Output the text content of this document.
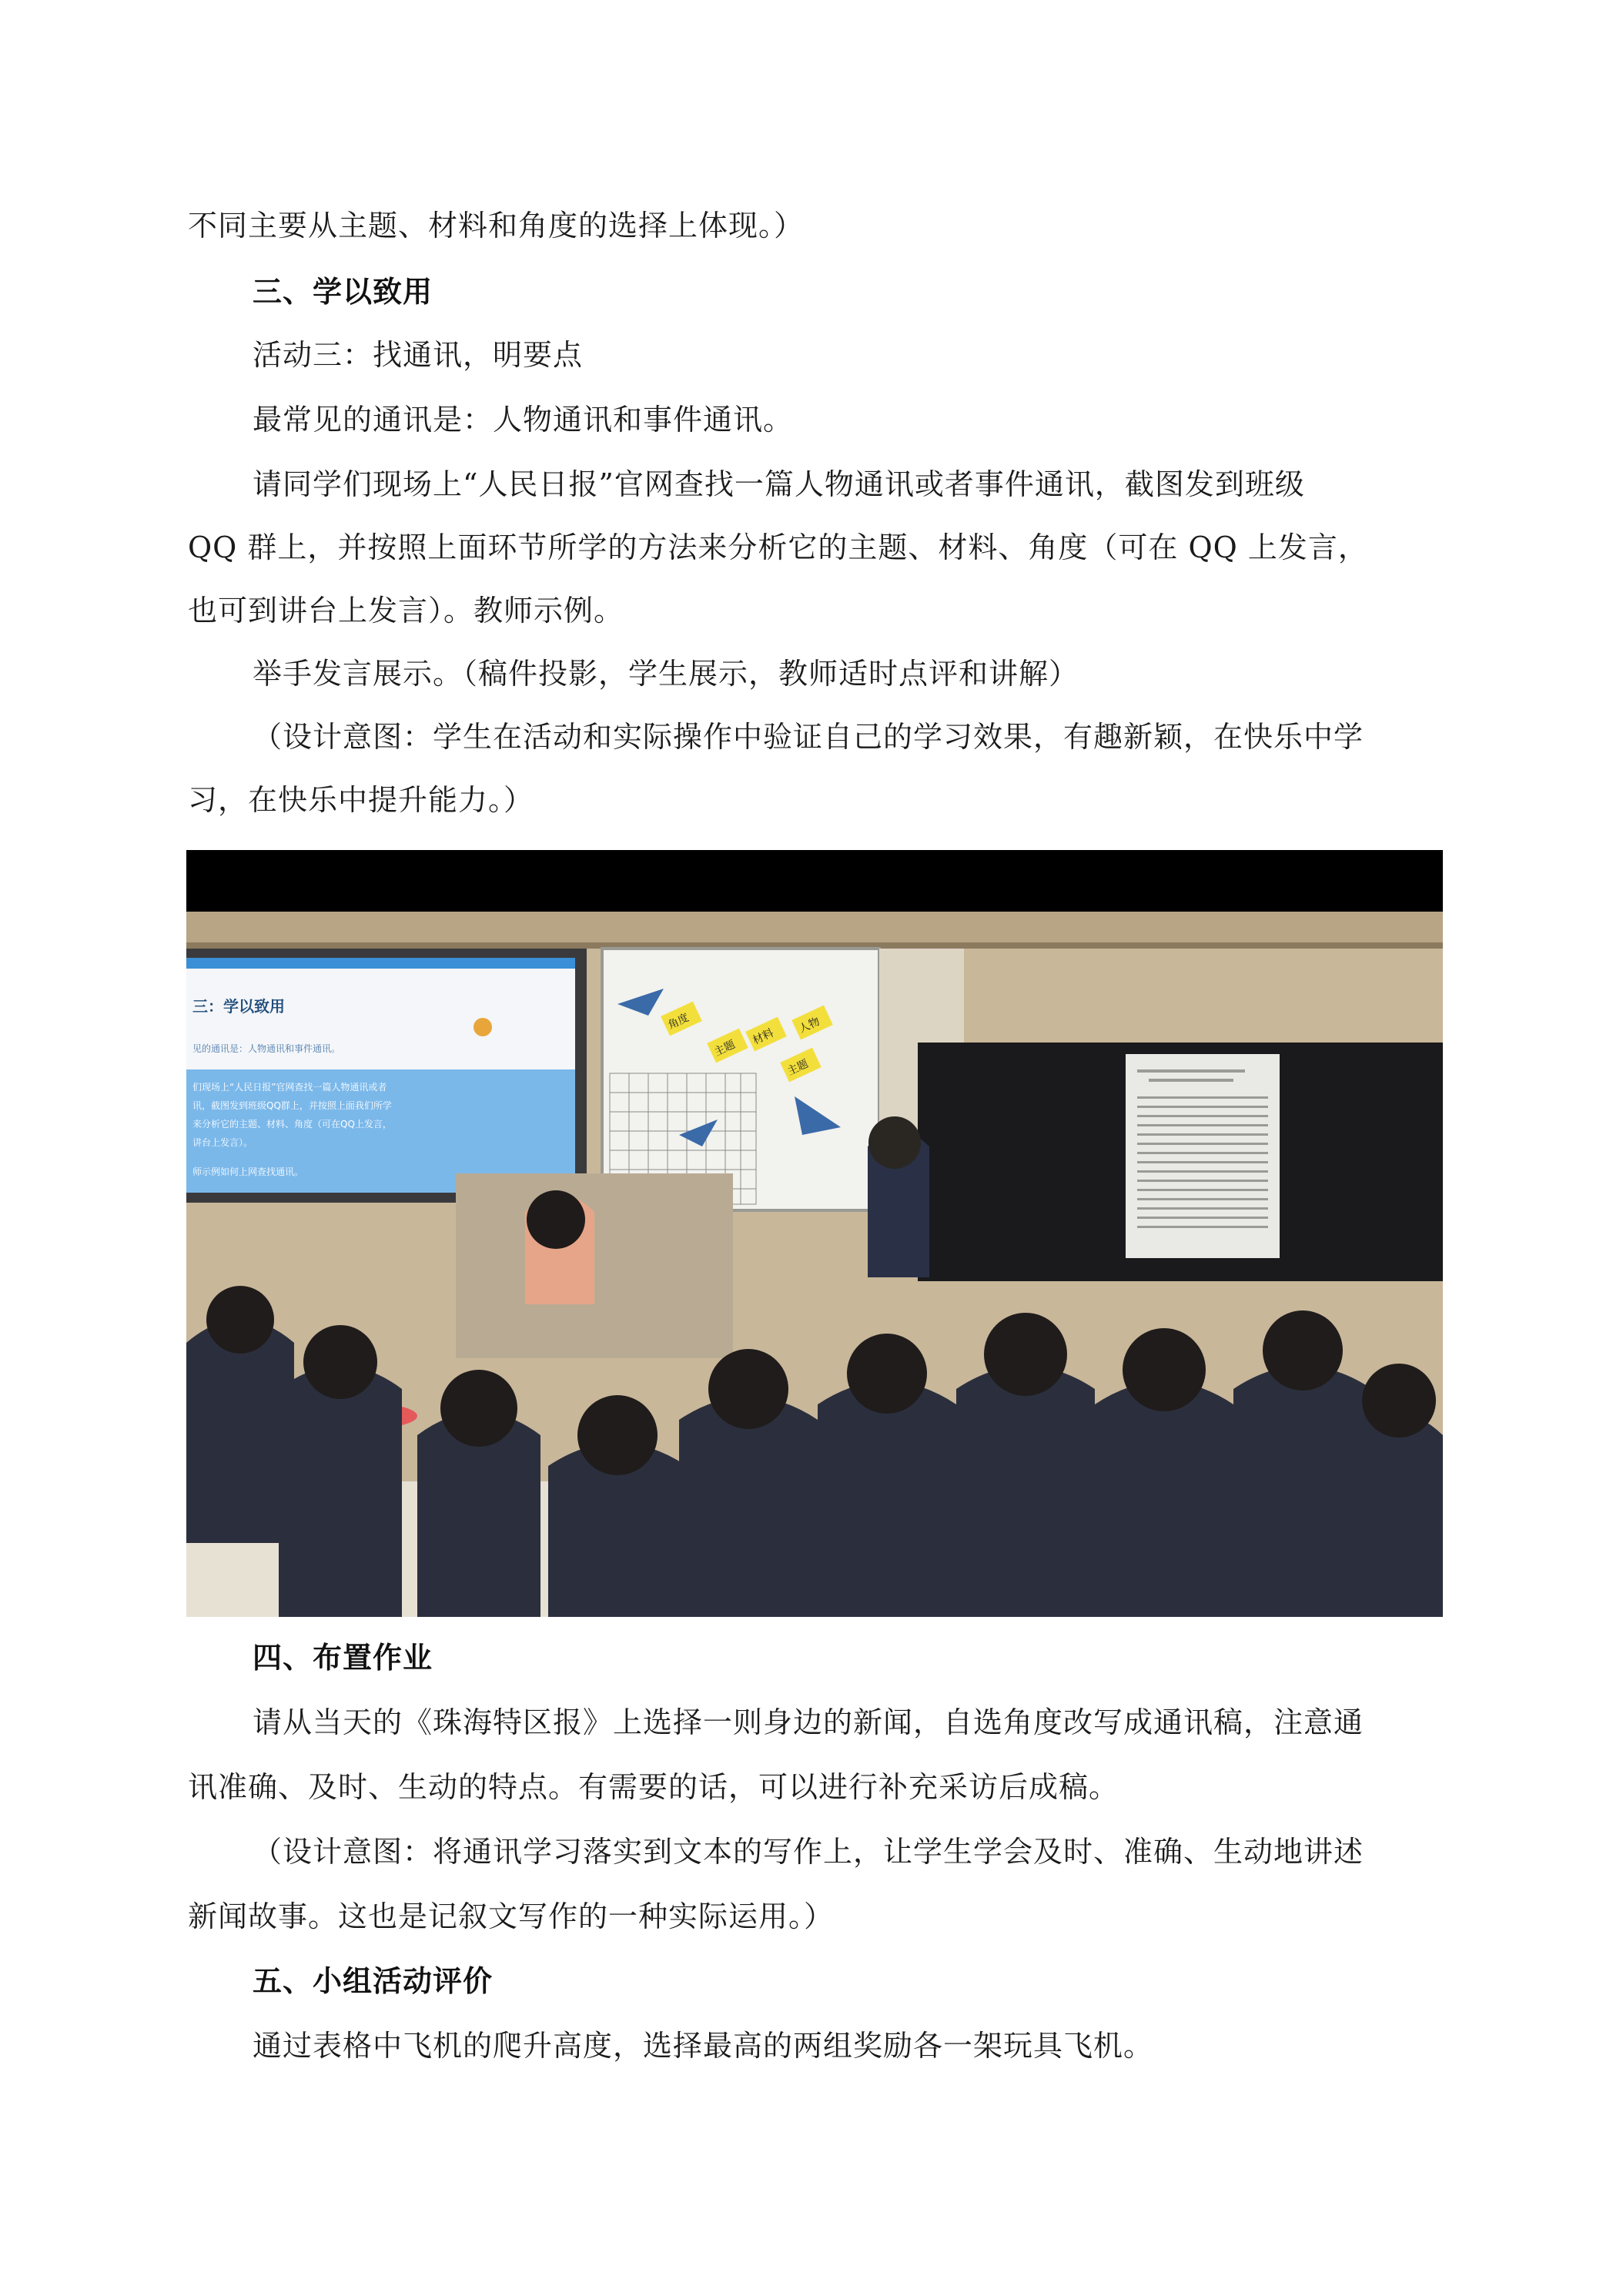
不同主要从主题、材料和角度的选择上体现。）
三、学以致用
活动三：找通讯，明要点
最常见的通讯是：人物通讯和事件通讯。
请同学们现场上“人民日报”官网查找一篇人物通讯或者事件通讯，截图发到班级
QQ 群上，并按照上面环节所学的方法来分析它的主题、材料、角度（可在 QQ 上发言，
也可到讲台上发言）。教师示例。
举手发言展示。（稿件投影，学生展示，教师适时点评和讲解）
（设计意图：学生在活动和实际操作中验证自己的学习效果，有趣新颖，在快乐中学
习，在快乐中提升能力。）
三：学以致用
见的通讯是：人物通讯和事件通讯。
们现场上“人民日报”官网查找一篇人物通讯或者
讯，截图发到班级QQ群上，并按照上面我们所学
来分析它的主题、材料、角度（可在QQ上发言，
讲台上发言）。
师示例如何上网查找通讯。
角度
主题
材料
人物
主题
四、布置作业
请从当天的《珠海特区报》上选择一则身边的新闻，自选角度改写成通讯稿，注意通
讯准确、及时、生动的特点。有需要的话，可以进行补充采访后成稿。
（设计意图：将通讯学习落实到文本的写作上，让学生学会及时、准确、生动地讲述
新闻故事。这也是记叙文写作的一种实际运用。）
五、小组活动评价
通过表格中飞机的爬升高度，选择最高的两组奖励各一架玩具飞机。
